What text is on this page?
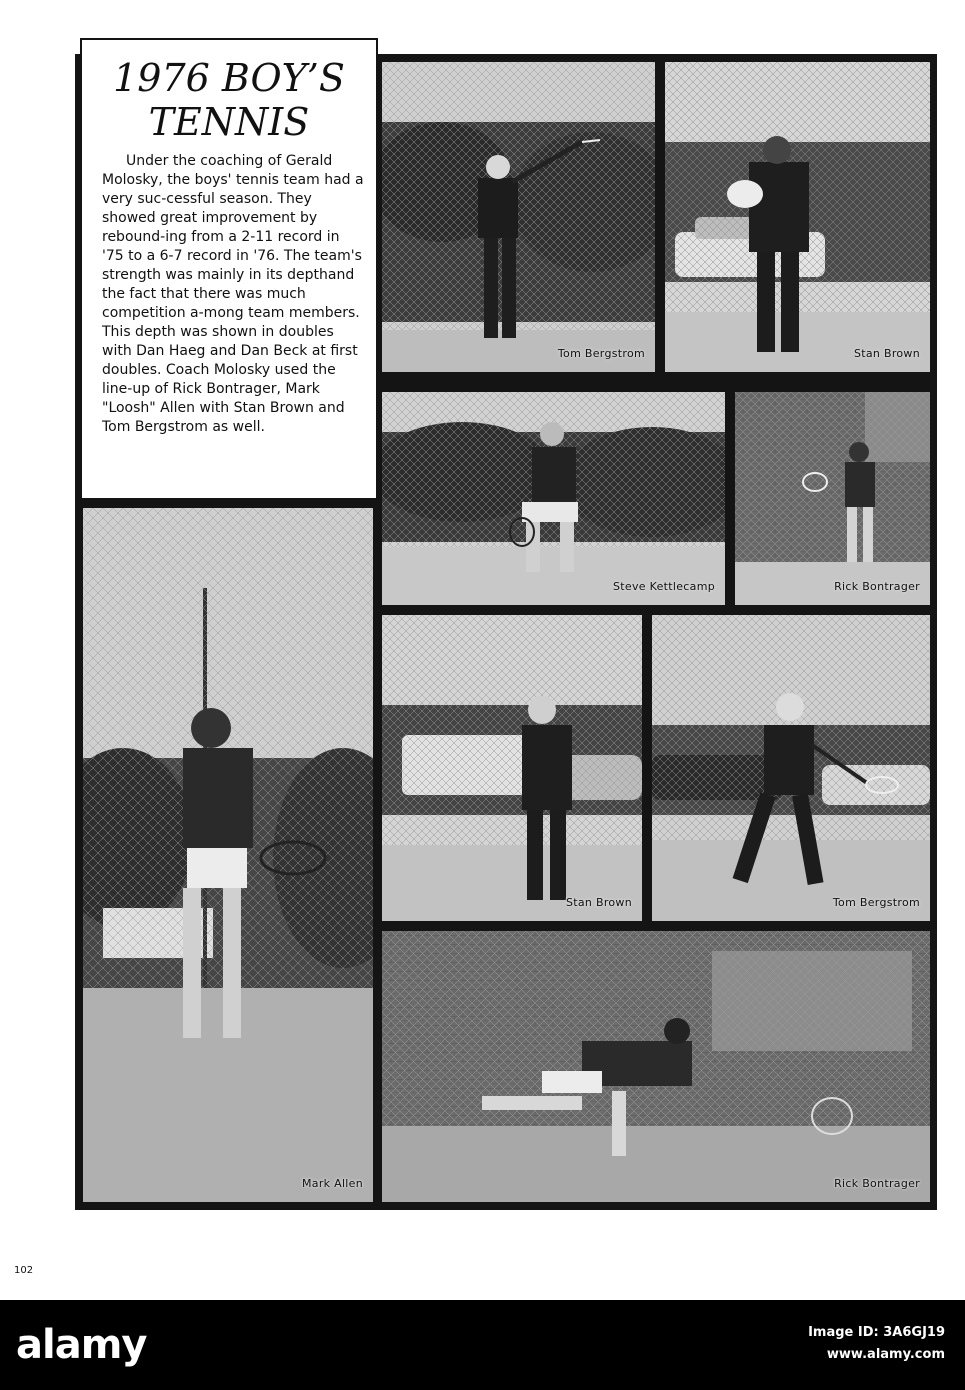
Tom Bergstrom	Stan Brown
Steve Kettlecamp	Rick Bontrager
Mark Allen
Stan Brown	Tom Bergstrom
Rick Bontrager
1976 BOY’S
TENNIS

Under the coaching of Gerald Molosky, the boys' tennis team had a very suc-cessful season. They showed great improvement by rebound-ing from a 2-11 record in '75 to a 6-7 record in '76. The team's strength was mainly in its depthand the fact that there was much competition a-mong team members. This depth was shown in doubles with Dan Haeg and Dan Beck at first doubles. Coach Molosky used the line-up of Rick Bontrager, Mark "Loosh" Allen with Stan Brown and Tom Bergstrom as well.

102
alamy	Image ID: 3A6GJ19
www.alamy.com
